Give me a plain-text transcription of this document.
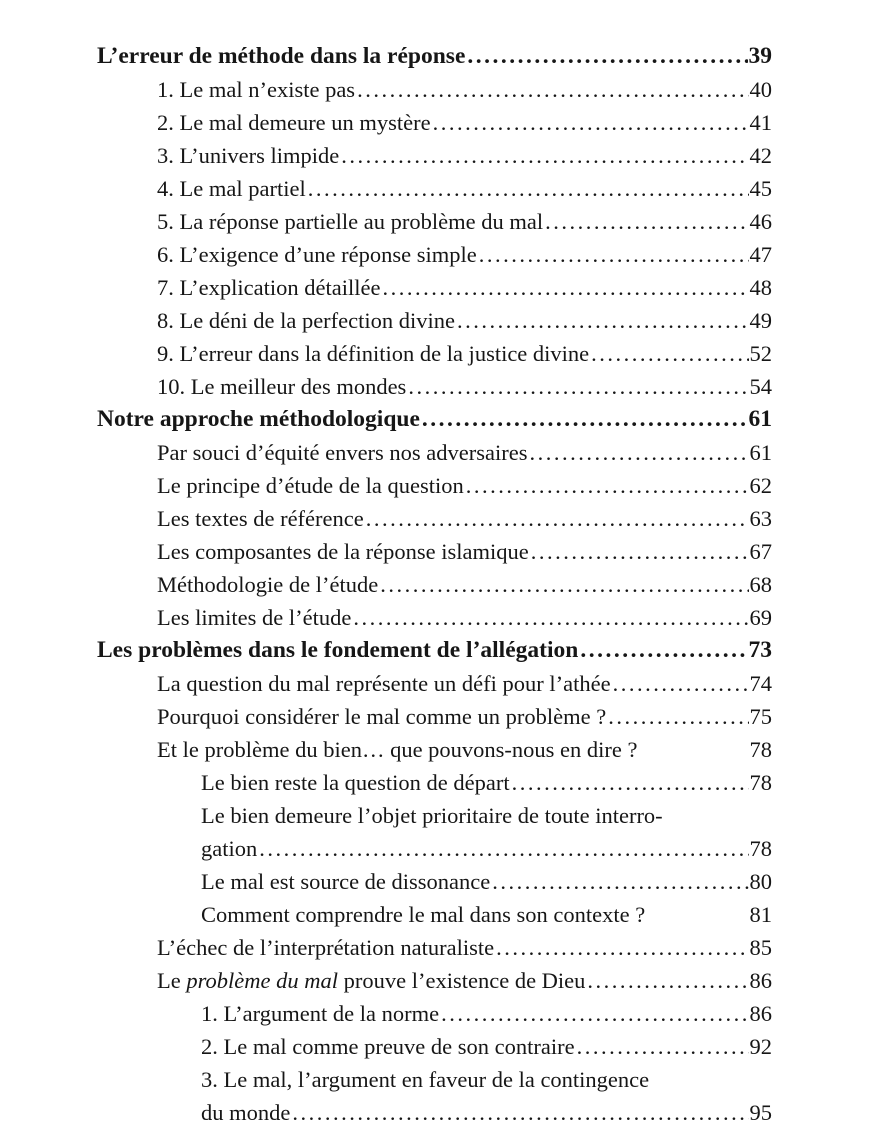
L’erreur de méthode dans la réponse .....	39
1. Le mal n’existe pas .....	40
2. Le mal demeure un mystère .....	41
3. L’univers limpide .....	42
4. Le mal partiel .....	45
5. La réponse partielle au problème du mal .....	46
6. L’exigence d’une réponse simple .....	47
7. L’explication détaillée .....	48
8. Le déni de la perfection divine .....	49
9. L’erreur dans la définition de la justice divine .....	52
10. Le meilleur des mondes .....	54
Notre approche méthodologique .....	61
Par souci d’équité envers nos adversaires .....	61
Le principe d’étude de la question .....	62
Les textes de référence .....	63
Les composantes de la réponse islamique .....	67
Méthodologie de l’étude .....	68
Les limites de l’étude .....	69
Les problèmes dans le fondement de l’allégation .....	73
La question du mal représente un défi pour l’athée .....	74
Pourquoi considérer le mal comme un problème ? .....	75
Et le problème du bien… que pouvons-nous en dire ?	78
Le bien reste la question de départ .....	78
Le bien demeure l’objet prioritaire de toute interro-
gation .....	78
Le mal est source de dissonance .....	80
Comment comprendre le mal dans son contexte ?	81
L’échec de l’interprétation naturaliste .....	85
Le problème du mal prouve l’existence de Dieu .....	86
1. L’argument de la norme .....	86
2. Le mal comme preuve de son contraire .....	92
3. Le mal, l’argument en faveur de la contingence
du monde .....	95
